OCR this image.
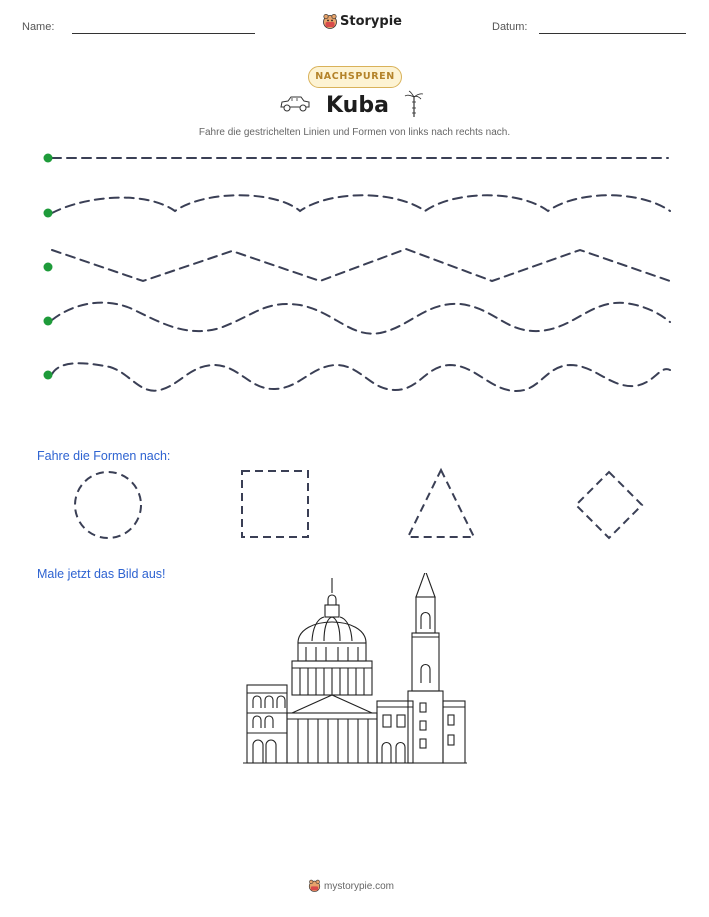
Name:	Storypie	Datum:
NACHSPUREN
Kuba
Fahre die gestrichelten Linien und Formen von links nach rechts nach.
Fahre die Formen nach:
Male jetzt das Bild aus!
mystorypie.com
